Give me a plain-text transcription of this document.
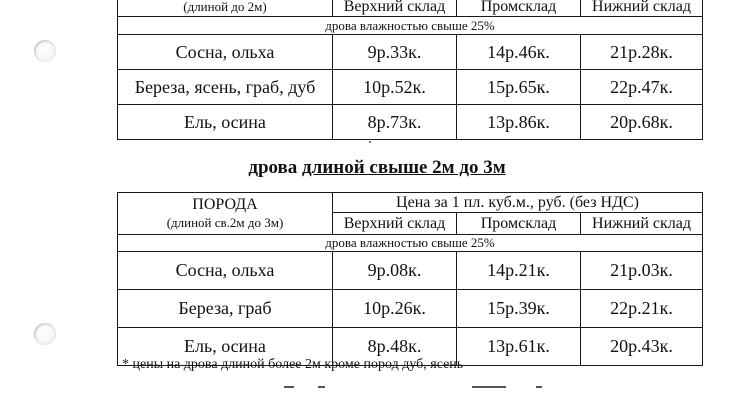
(длиной до 2м)	Верхний склад	Промсклад	Нижний склад
дрова влажностью свыше 25%			
Сосна, ольха	9р.33к.	14р.46к.	21р.28к.
Береза, ясень, граб, дуб	10р.52к.	15р.65к.	22р.47к.
Ель, осина	8р.73к.	13р.86к.	20р.68к.
дрова длиной свыше 2м до 3м
ПОРОДА
(длиной св.2м до 3м)	Цена за 1 пл. куб.м., руб. (без НДС)		
	Верхний склад	Промсклад	Нижний склад
дрова влажностью свыше 25%			
Сосна, ольха	9р.08к.	14р.21к.	21р.03к.
Береза, граб	10р.26к.	15р.39к.	22р.21к.
Ель, осина	8р.48к.	13р.61к.	20р.43к.
* цены на дрова длиной более 2м кроме пород дуб, ясень
